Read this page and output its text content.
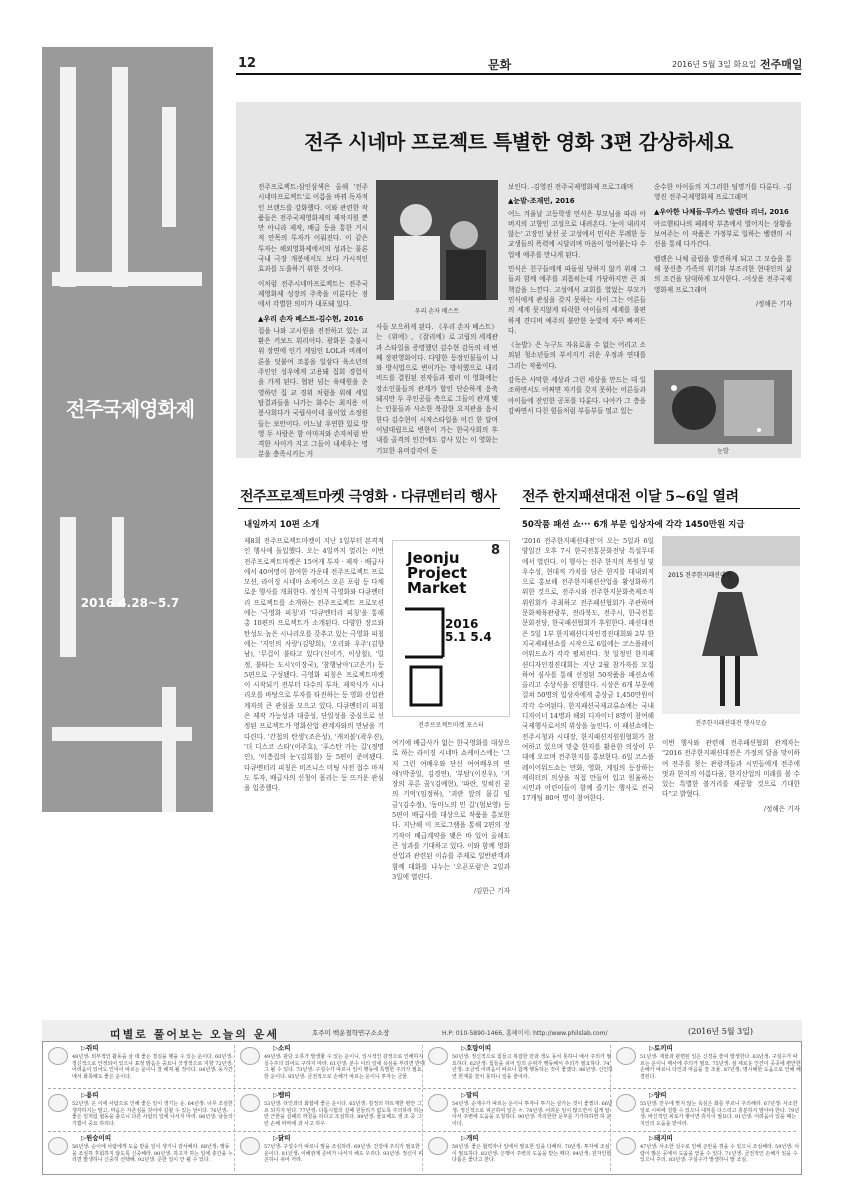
전주국제영화제
2016 4.28~5.7
12	문화	2016년 5월 3일 화요일 전주매일
전주 시네마 프로젝트 특별한 영화 3편 감상하세요

전주프로젝트:삼인삼색은 올해 '전주시네마프로젝트'로 이름을 바꿔 독자적인 브랜드를 강화했다. 이와 관련한 작품들은 전주국제영화제의 제작지원 뿐만 아니라 제작, 배급 등을 통한 거시적 안목의 투자가 이뤄진다. 이 같은 투자는 해외영화제에서의 성과는 물론 국내 극장 개봉에서도 보다 가시적인 효과를 도출하기 위한 것이다.

이처럼 전주시네마프로젝트는 전주국제영화제 성장의 주축을 이룬다는 점에서 각별한 의미가 내포돼 있다.

▲우리 손자 베스트-김수현, 2016

집을 나와 고시원을 전전하고 있는 교환은 키보드 워리어다. 광화문 촛불시위 장면에 인기 게임인 LOL과 비례이론을 덧붙여 조롱을 일삼다 육소년의 주인인 성우에게 고용돼 집회 경험식을 가게 된다. 협판 넘는 육태원을 운영하던 집 교 경위 처럼을 위해 세일 탐결과들을 나가는 화수는 최지용 이 봉사회다가 국립사이네 물이었 소정원들는 보안이다. 어느날 우연한 있로 방영 두 사람은 함 아마저와 손자처럼 반격한 사이가 지고 그들이 내세우는 명분을 충족시키는 거

우리 손자 베스트

사들 모으하게 된다. 《우리 손자 베스트》는 《위에》, 《잘리에》로 고립의 세계관과 스타일을 증명했던 김수현 감독의 네 번째 장편영화이다. 다양한 등장인물들이 나와 방식법으로 변이가는 방식했으로 내리비드를 결원된 진작들과 펼러 이 영화에는 장소인물들의 관계가 할인 단순하게 응축돼지만 두 주인공들 축으로 그들이 관계 맺는 인물들과 사소한 복잡한 요지관을 음시한다 김수현이 시작스타일을 어긴 한 달며 이념대립으로 변한이 가는 한국사회의 후내를 골격의 인간에도 감사 있는 이 영화는 기묘한 유머감각이 돋

보인다. -김영진 전주국제영화제 프로그래머

▲눈발-조재민, 2016

어느 겨울날 고등학생 민식은 부모님을 따라 아버지의 고향인 고성으로 내려온다. '눈이 내리지 않는' 고장인 낯선 곳 고성에서 민식은 무례한 등교생들의 폭력에 시달리며 마음이 얼어붙는다 수업에 예주를 만나게 된다.

민식은 친구들에게 따돌림 당하지 않기 위해 그들과 함께 예주를 괴롭히는데 가담하지만 큰 죄책감을 느낀다. 고성에서 교회를 열었는 부모가 민식에게 관심을 갖지 못하는 사이 그는 어른들의 세계 못지않게 타락한 아이들의 세계를 불편하게 견디며 예주의 불안한 눈빛에 자꾸 빠져든다.

《눈발》은 누구도 자유로울 수 없는 어리고 소외된 청소년들의 부서지기 쉬운 우정과 연대를 그리는 작품이다.

감독은 사막한 세상과 그런 세상을 만드는 데 일조하면서도 어쩌면 자기를 갖지 못하는 어른들과 아이들에 잔인한 공포를 다룬다. 나아가 그 층을 감싸면서 다친 힘들처럼 부들부들 떨고 있는

순수한 아이들의 지그러한 팀명기를 다룬다. -김영진 전주국제영화제 프로그래머

▲우아한 나체들-루카스 발렌타 리너, 2016

아르헨티나의 페레작 부촌에서 벌어지는 상황을 보여주는 이 작품은 가정부로 일하는 벨렌의 시선을 통해 다가간다.

벨렌은 나체 클럽을 발견하게 되고 그 모습을 통해 풍신층 가족의 위기와 부조리한 현대인의 삶의 조건을 담대하게 묘사한다. -이상용 전주국제영화제 프로그래머

/정해은 기자

눈발
전주프로젝트마켓 극영화 · 다큐멘터리 행사
내일까지 10편 소개

제8회 전주프로젝트마켓이 지난 1일부터 본격적인 행사에 돌입했다. 오는 4일까지 열리는 이번 전주프로젝트마켓은 15여개 투자 · 제작 · 배급사에서 40여명이 참여한 가운데 전주프로젝트 프로모션, 라이징 시네마 쇼케이스 오픈 포럼 등 다채로운 행사를 개최한다. 정신적 극영화와 다큐멘터리 프로젝트를 소개하는 전주프로젝트 프로모션에는 '극영화 피칭'과 '다큐멘터리 피칭'을 통해 총 10편의 프로젝트가 소개된다. 다양한 장르와 탄성도 높은 시나리오를 갖추고 있는 극영화 피칭에는 '지인의 사랑'(김양희), '오리와 우주'(김향남), '무겁이 불타고 있다'(신이가, 이상철), '밀정, 불타는 도시'(이장국), '참행남아'(고은기) 등 5편으로 구성됐다. 극영화 피칭은 프로젝트마켓이 시작되기 전부터 다수의 투자, 제작사가 시나리오를 바탕으로 투자를 타진하는 등 영화 산업관계자의 큰 관심을 모으고 있다. 다큐멘터리 피칭은 제작 가능성과 대중성, 단일성을 중심으로 선정된 프로젝트가 영화산업 관계자와의 만남을 기다린다. '간첩의 탄생'(조은성), '캐치볼'(곽우진), '더 디스코 스타'(이주호), '푸스탄 가는 길'(정명인), '이층집의 눈'(김희철) 등 5편이 준비됐다. 다큐멘터리 피칭은 비즈니스 미팅 사전 접수 마저도 투자, 배급사의 신청이 몰리는 등 뜨거운 관심을 입증했다.

8
Jeonju Project Market
2016 5.1 5.4
전주프로젝트마켓 포스터

여기에 배급사가 없는 한국영화를 대상으로 하는 라이징 시네마 쇼케이스에는 '그저 그런 여배우와 단신 여여배우의 연애'(박종일, 김경연), '부탐'(이진우), '거장의 푸른 꿈'(김예현), '파란, 잊혀진 꿈의 기억'(임정하), '괴란 앞의 뭍길 임금'(김수정), '동마노의 민 길'(엄보영) 등 5편이 배급사를 대상으로 작품을 홍보한다. 지난해 이 프로그램을 통해 2편의 장기작이 배급계약을 맺은 바 있어 올해도 큰 성과를 기대하고 있다. 이와 함께 영화 산업과 관련된 이슈를 주제로 일반관객과 함께 대화를 나누는 '오픈포럼'은 2일과 3일에 열린다.

/김한근 기자

전주 한지패션대전 이달 5~6일 열려
50작품 패션 쇼··· 6개 부문 입상자에 각각 1450만원 지급

'2016 전주한지패션대전'이 오는 5일과 6일 양일간 오후 7시 한국전통문화전당 특설무대에서 열린다. 이 행사는 전주 한지의 복원성 및 우수성, 현대적 가치를 담은 한지를 대내외적으로 홍보해 전주한지패션산업을 활성화하기 위한 것으로, 전주시와 전주한지문화축제조직위원회가 주최하고 전주패션협회가 주관하며 문화체육관광부, 전라북도, 전주시, 한국전통문화전당, 한국패션협회가 후원한다. 패션대전은 5일 1부 한지패션디자인경진대회와 2부 한지국제패션쇼를 시작으로 6일에는 코스플레이어워드쇼가 각각 펼쳐진다. 첫 일정인 한지패션디자인경진대회는 지난 2월 참가자를 모집하여 심사를 통해 선정된 50작품을 패션쇼에 올리고 수상식을 진행한다. 시상은 6개 부문에 걸쳐 50명의 입상자에게 총상금 1,450만원이 각각 수여된다. 한지패션국제교류쇼에는 국내 디자이너 14명과 해외 디자이너 8명이 참여해 국제행사로서의 위상을 높인다. 이 패션쇼에는 전주시청과 시대장, 한지패션지원원협회가 참여하고 있으며 맞춤 한지를 활용한 의상이 무대에 오르며 전주한지를 홍보한다. 6일 코스플레이어워드쇼는 만화, 영화, 게임의 등장하는 캐릭터의 의상을 직접 만들어 입고 원율하는 시민과 어린이들이 함께 즐기는 행사로 전국 17개팀 80여 명이 참여한다.

2015 전주한지패션대전
전주한지패션대전 행사모습

이번 행사와 관련해 전주패션협회 관계자는 "2016 전주한지패션대전은 가정의 달을 맞이하여 전주를 찾는 관광객들과 시민들에게 전주에 멋과 한지의 아름다움, 한지산업의 미래를 볼 수 있는 특별한 볼거리를 제공할 것으로 기대한다"고 밝혔다.

/정해은 기자

띠별로 풀어보는 오늘의 운세	호주미 백운철학연구소소장	H.P: 010-5890-1466, 홈페이지: http://www.philslab.com/	(2016년 5월 3일)
▷쥐띠
48년생: 외부적인 활동을 삼 데 좋은 결실을 맺을 수 있는 운이다. 60년생: 정신적으로 안정되어 있으나 표정 밝음은 중요니 긍정적으로 지향 72년생: 어려움이 있어도 인덕이 따르는 운이니 잘 헤쳐 될 것이다. 84년생: 동기간에서 화목해도 좋은 운이다.
▷소띠
49년생: 판단 오류가 발생할 수 있는 운이니, 일시적인 감정으로 인해하지 실수주의 되어도 구하지 마라. 61년생: 분수 이의 일에 욕심을 부리면 반대 그 될 수 있다. 73년생: 구설수가 따르니 일이 행동에 특별한 주의가 필요한 운이다. 85년생: 금전적으로 손해가 따르는 운이니 투자는 금물.
▷호랑이띠
50년생: 정신적으로 힘들고 복잡한 만과 생도 동치 못하니 예사 주의가 필요하다. 62년생: 힘들을 쉬어 일의 순위가 행동해서 주의가 필요하다. 74년생: 조금씩 어려움이 따르니 함께 행동하는 것이 좋겠다. 86년생: 신인하면 한계를 잘치 못하니 일을 줄여라.
▷토끼띠
51년생: 재물과 관련된 일은 신경을 쓸여 발생한다. 63년생: 구설수가 따르는 운이니 매사에 주의가 필요. 75년생: 섬 새로운 인간이 곳곳에 편안한 손해가 따르니 다인과 마음을 잘 조율. 87년생: 명시해한 도움으로 인해 해결된다.
▷용띠
52년생: 온 이에 사람으로 인해 좋은 일이 생기는 운. 64년생: 너무 조심한 생각하지는 말고, 마음은 자존심을 갖어야 길할 수 있는 날이다. 76년생: 좋은 일처럼 협동을 출으니 다른 사람의 일에 나서지 마라. 88년생: 남들의 기쁨이 중요 하리다.
▷뱀띠
53년생: 타인과의 화합에 좋은 운이다. 65년생: 감정의 하트재한 평안 그르 되지지 된다. 77년생: 다툼시험의 실패 원들리기 없도록 주의하라 하는 만 근한을 실패의 까칭을 하다고 조심하다. 89년생: 물요해도 생 조 중 그런 손해 파악에 과 사고 하우
▷말띠
54년생: 순재수가 따르는 운이니 투자나 투기는 삼가는 것이 좋겠다. 66년생: 정신적으로 피곤하여 일은 ㅎ. 78년생: 어려운 일이 많으면서 쉽게 알아서 주변에 도움을 오청하다. 90년생: 자의한한 운부를 기가하하면 하 운이다.
▷양띠
55년생: 만우에 맞지 않는 욕심은 화를 부르니 주의해라. 67년생: 사소한 일로 시비에 걸릴 수 있으니 대처를 다스리고 흥분하지 말아야 한다. 79년생: 바신적인 피로가 쌓이면 휴식이 필요다. 91년생: 어려움이 있을 때는 지인의 도움을 받아라.
▷원숭이띠
56년생: 순이에 사람에게 도움 받을 일이 생기니 감사해라. 68년생: 행동을 조심하 후회하지 않도록 신중해라. 80년생: 하고자 하는 일에 충간을 누리면 발생하니 신중히 선택해. 92년생: 준한 일이 안 될 수 있다.
▷닭띠
57년생: 구설수가 따르니 말을 조심하라. 69년생: 건강에 주의가 필요한 운이다. 81년생: 이해관계 준비가 나서지 해도 우리다. 93년생: 정신이 피곤하니 쉬어 가라.
▷개띠
58년생: 좋은 협력자나 일에서 필요한 일을 다해라. 70년생: 투자에 조심이 필요하다. 82년생: 은행이 주변의 도움을 받는 때다. 94년생: 원자인한 다툼은 좋다고 한다.
▷돼지띠
47년생: 사소한 실수로 인해 곤란을 겪을 수 있으니 조심해라. 59년생: 사람이 많은 곳에서 도움을 얻을 수 있다. 71년생: 금전적인 손해가 있을 수 있으니 주의. 83년생: 구설수가 발생하니 말 조심.
